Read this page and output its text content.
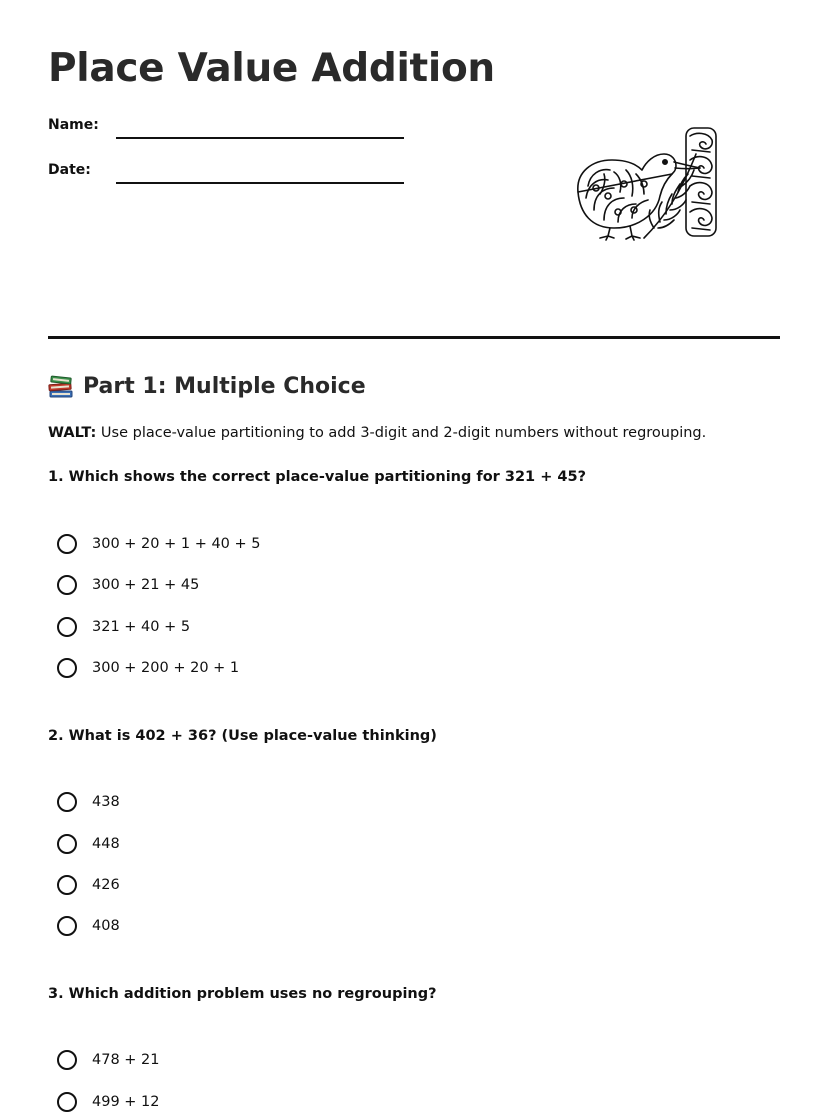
Place Value Addition
Name:
Date:
Part 1: Multiple Choice
WALT: Use place-value partitioning to add 3-digit and 2-digit numbers without regrouping.
1. Which shows the correct place-value partitioning for 321 + 45?
300 + 20 + 1 + 40 + 5
300 + 21 + 45
321 + 40 + 5
300 + 200 + 20 + 1
2. What is 402 + 36? (Use place-value thinking)
438
448
426
408
3. Which addition problem uses no regrouping?
478 + 21
499 + 12
